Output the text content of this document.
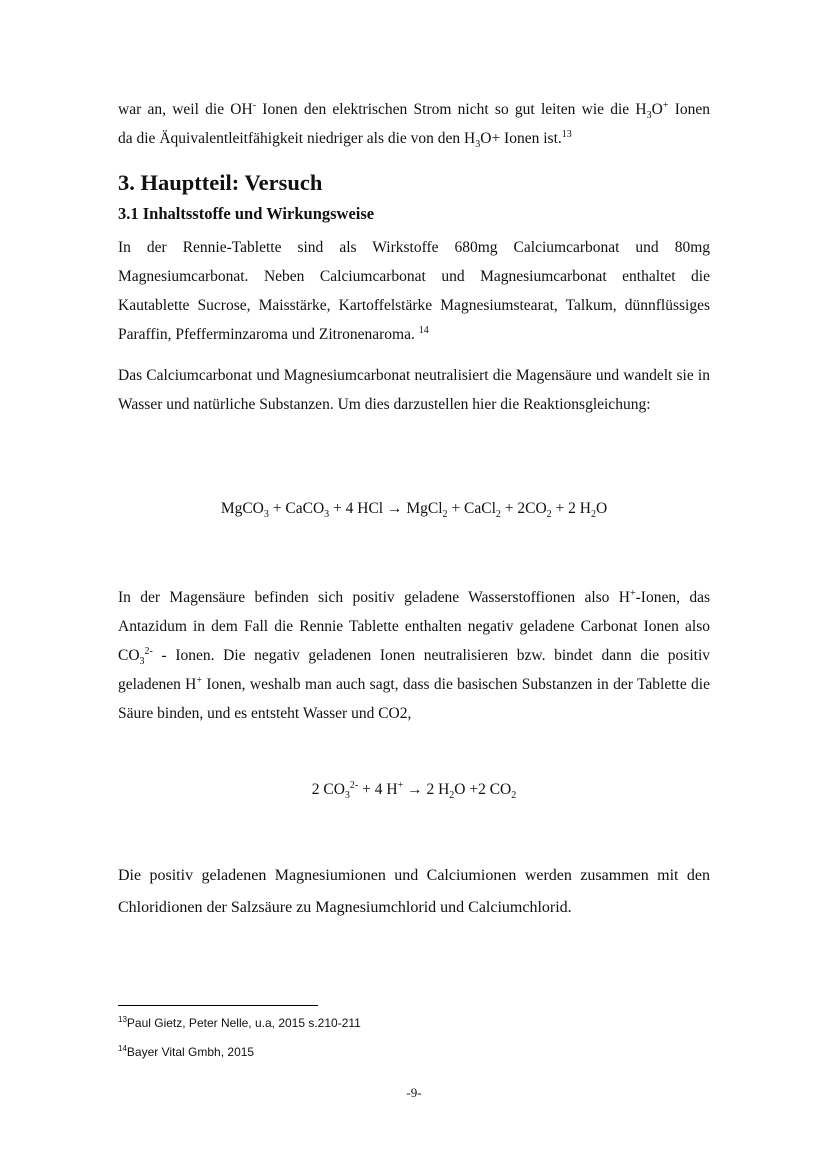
war an, weil die OH- Ionen den elektrischen Strom nicht so gut leiten wie die $H_3O^+$ Ionen

da die Äquivalentleitfähigkeit niedriger als die von den $H_3O+$ Ionen ist.$^{13}$

3. Hauptteil: Versuch
3.1 Inhaltsstoffe und Wirkungsweise

In der Rennie-Tablette sind als Wirkstoffe 680mg Calciumcarbonat und 80mg Magnesiumcarbonat. Neben Calciumcarbonat und Magnesiumcarbonat enthaltet die Kautablette Sucrose, Maisstärke, Kartoffelstärke Magnesiumstearat, Talkum, dünnflüssiges Paraffin, Pfefferminzaroma und Zitronenaroma. $^{14}$

Das Calciumcarbonat und Magnesiumcarbonat neutralisiert die Magensäure und wandelt sie in Wasser und natürliche Substanzen. Um dies darzustellen hier die Reaktionsgleichung:

MgCO$_3$ + CaCO$_3$ + 4 HCl → MgCl$_2$ + CaCl$_2$ + $2CO_2 + 2$ $H_2O$

In der Magensäure befinden sich positiv geladene Wasserstoffionen also H+-Ionen, das Antazidum in dem Fall die Rennie Tablette enthalten negativ geladene Carbonat Ionen also $CO_3^{2-}$ - Ionen. Die negativ geladenen Ionen neutralisieren bzw. bindet dann die positiv geladenen H+ Ionen, weshalb man auch sagt, dass die basischen Substanzen in der Tablette die Säure binden, und es entsteht Wasser und CO2,

2 $CO_3^{2-} + 4$ H+ → 2 $H_2O +2$ $CO_2$

Die positiv geladenen Magnesiumionen und Calciumionen werden zusammen mit den Chloridionen der Salzsäure zu Magnesiumchlorid und Calciumchlorid.

$^{13}$Paul Gietz, Peter Nelle, u.a, 2015 s.210-211
$^{14}$Bayer Vital Gmbh, 2015
-9-
